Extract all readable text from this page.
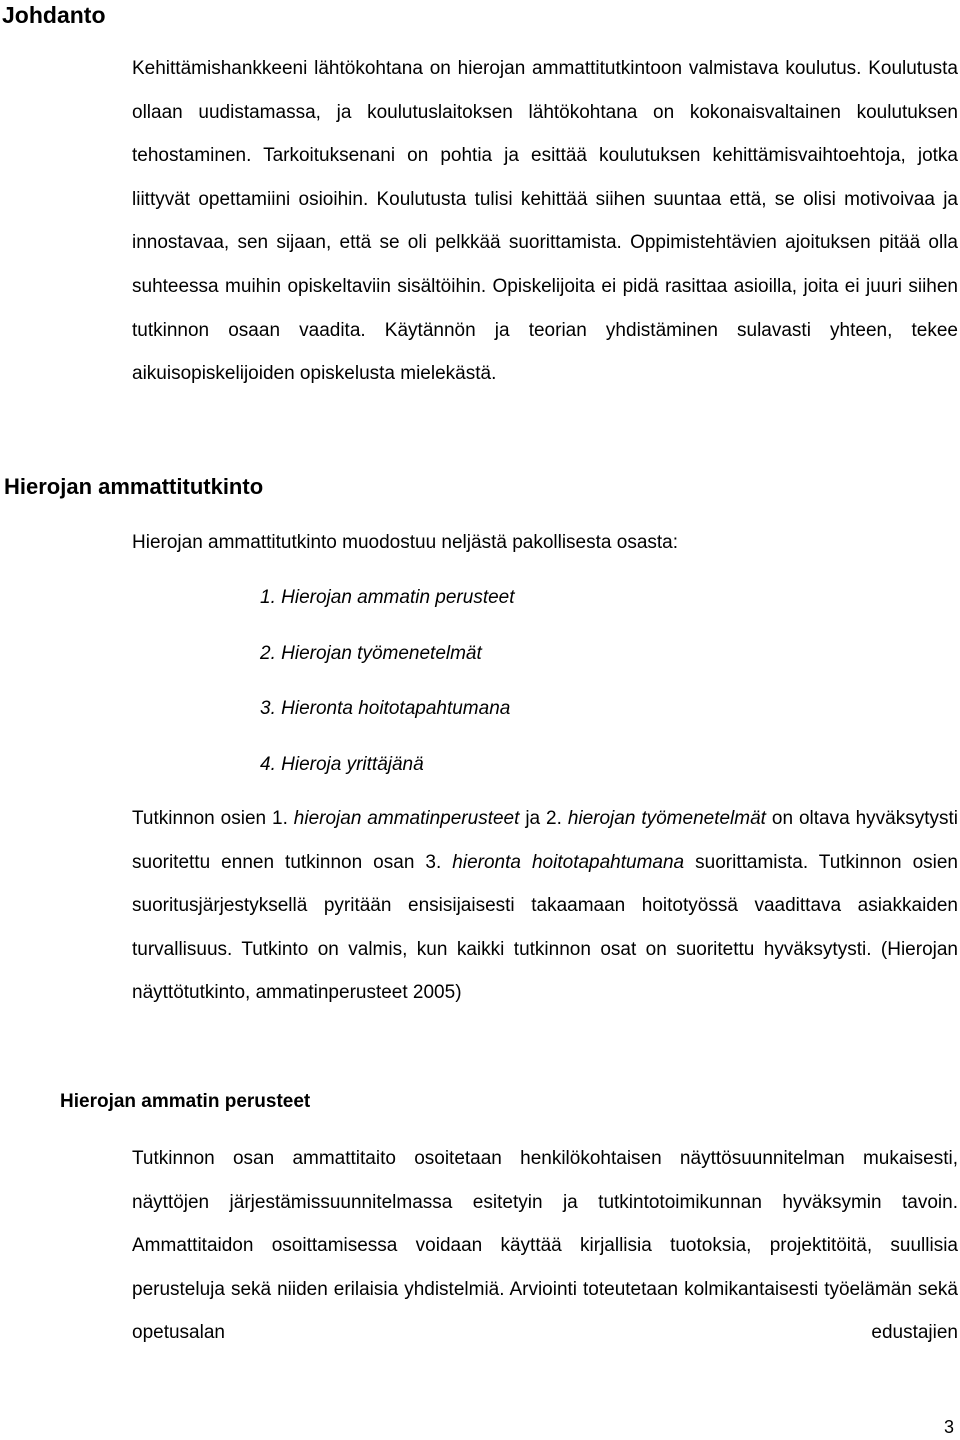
Johdanto

Kehittämishankkeeni lähtökohtana on hierojan ammattitutkintoon valmistava koulutus. Koulutusta ollaan uudistamassa, ja koulutuslaitoksen lähtökohtana on kokonaisvaltainen koulutuksen tehostaminen. Tarkoituksenani on pohtia ja esittää koulutuksen kehittämisvaihtoehtoja, jotka liittyvät opettamiini osioihin. Koulutusta tulisi kehittää siihen suuntaa että, se olisi motivoivaa ja innostavaa, sen sijaan, että se oli pelkkää suorittamista. Oppimistehtävien ajoituksen pitää olla suhteessa muihin opiskeltaviin sisältöihin. Opiskelijoita ei pidä rasittaa asioilla, joita ei juuri siihen tutkinnon osaan vaadita. Käytännön ja teorian yhdistäminen sulavasti yhteen, tekee aikuisopiskelijoiden opiskelusta mielekästä.

Hierojan ammattitutkinto

Hierojan ammattitutkinto muodostuu neljästä pakollisesta osasta:

1. Hierojan ammatin perusteet
2. Hierojan työmenetelmät
3. Hieronta hoitotapahtumana
4. Hieroja yrittäjänä

Tutkinnon osien 1. hierojan ammatinperusteet ja 2. hierojan työmenetelmät on oltava hyväksytysti suoritettu ennen tutkinnon osan 3. hieronta hoitotapahtumana suorittamista. Tutkinnon osien suoritusjärjestyksellä pyritään ensisijaisesti takaamaan hoitotyössä vaadittava asiakkaiden turvallisuus. Tutkinto on valmis, kun kaikki tutkinnon osat on suoritettu hyväksytysti. (Hierojan näyttötutkinto, ammatinperusteet 2005)

Hierojan ammatin perusteet

Tutkinnon osan ammattitaito osoitetaan henkilökohtaisen näyttösuunnitelman mukaisesti, näyttöjen järjestämissuunnitelmassa esitetyin ja tutkintotoimikunnan hyväksymin tavoin. Ammattitaidon osoittamisessa voidaan käyttää kirjallisia tuotoksia, projektitöitä, suullisia perusteluja sekä niiden erilaisia yhdistelmiä. Arviointi toteutetaan kolmikantaisesti työelämän sekä opetusalan edustajien

3
